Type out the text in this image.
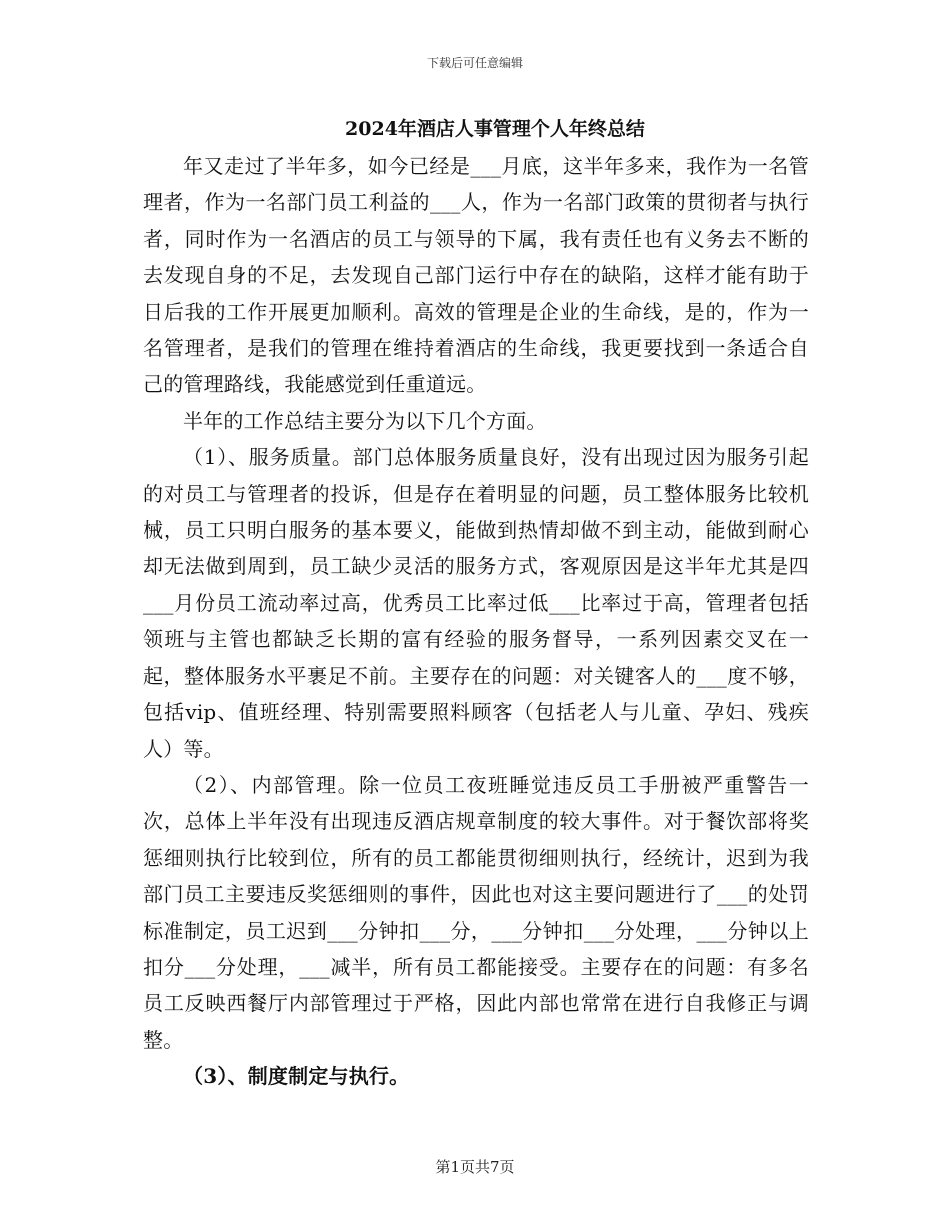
下载后可任意编辑
2024年酒店人事管理个人年终总结

年又走过了半年多，如今已经是___月底，这半年多来，我作为一名管理者，作为一名部门员工利益的___人，作为一名部门政策的贯彻者与执行者，同时作为一名酒店的员工与领导的下属，我有责任也有义务去不断的去发现自身的不足，去发现自己部门运行中存在的缺陷，这样才能有助于日后我的工作开展更加顺利。高效的管理是企业的生命线，是的，作为一名管理者，是我们的管理在维持着酒店的生命线，我更要找到一条适合自己的管理路线，我能感觉到任重道远。

半年的工作总结主要分为以下几个方面。

（1）、服务质量。部门总体服务质量良好，没有出现过因为服务引起的对员工与管理者的投诉，但是存在着明显的问题，员工整体服务比较机械，员工只明白服务的基本要义，能做到热情却做不到主动，能做到耐心却无法做到周到，员工缺少灵活的服务方式，客观原因是这半年尤其是四___月份员工流动率过高，优秀员工比率过低___比率过于高，管理者包括领班与主管也都缺乏长期的富有经验的服务督导，一系列因素交叉在一起，整体服务水平裹足不前。主要存在的问题：对关键客人的___度不够，包括vip、值班经理、特别需要照料顾客（包括老人与儿童、孕妇、残疾人）等。

（2）、内部管理。除一位员工夜班睡觉违反员工手册被严重警告一次，总体上半年没有出现违反酒店规章制度的较大事件。对于餐饮部将奖惩细则执行比较到位，所有的员工都能贯彻细则执行，经统计，迟到为我部门员工主要违反奖惩细则的事件，因此也对这主要问题进行了___的处罚标准制定，员工迟到___分钟扣___分，___分钟扣___分处理，___分钟以上扣分___分处理，___减半，所有员工都能接受。主要存在的问题：有多名员工反映西餐厅内部管理过于严格，因此内部也常常在进行自我修正与调整。

（3）、制度制定与执行。

第1页共7页
